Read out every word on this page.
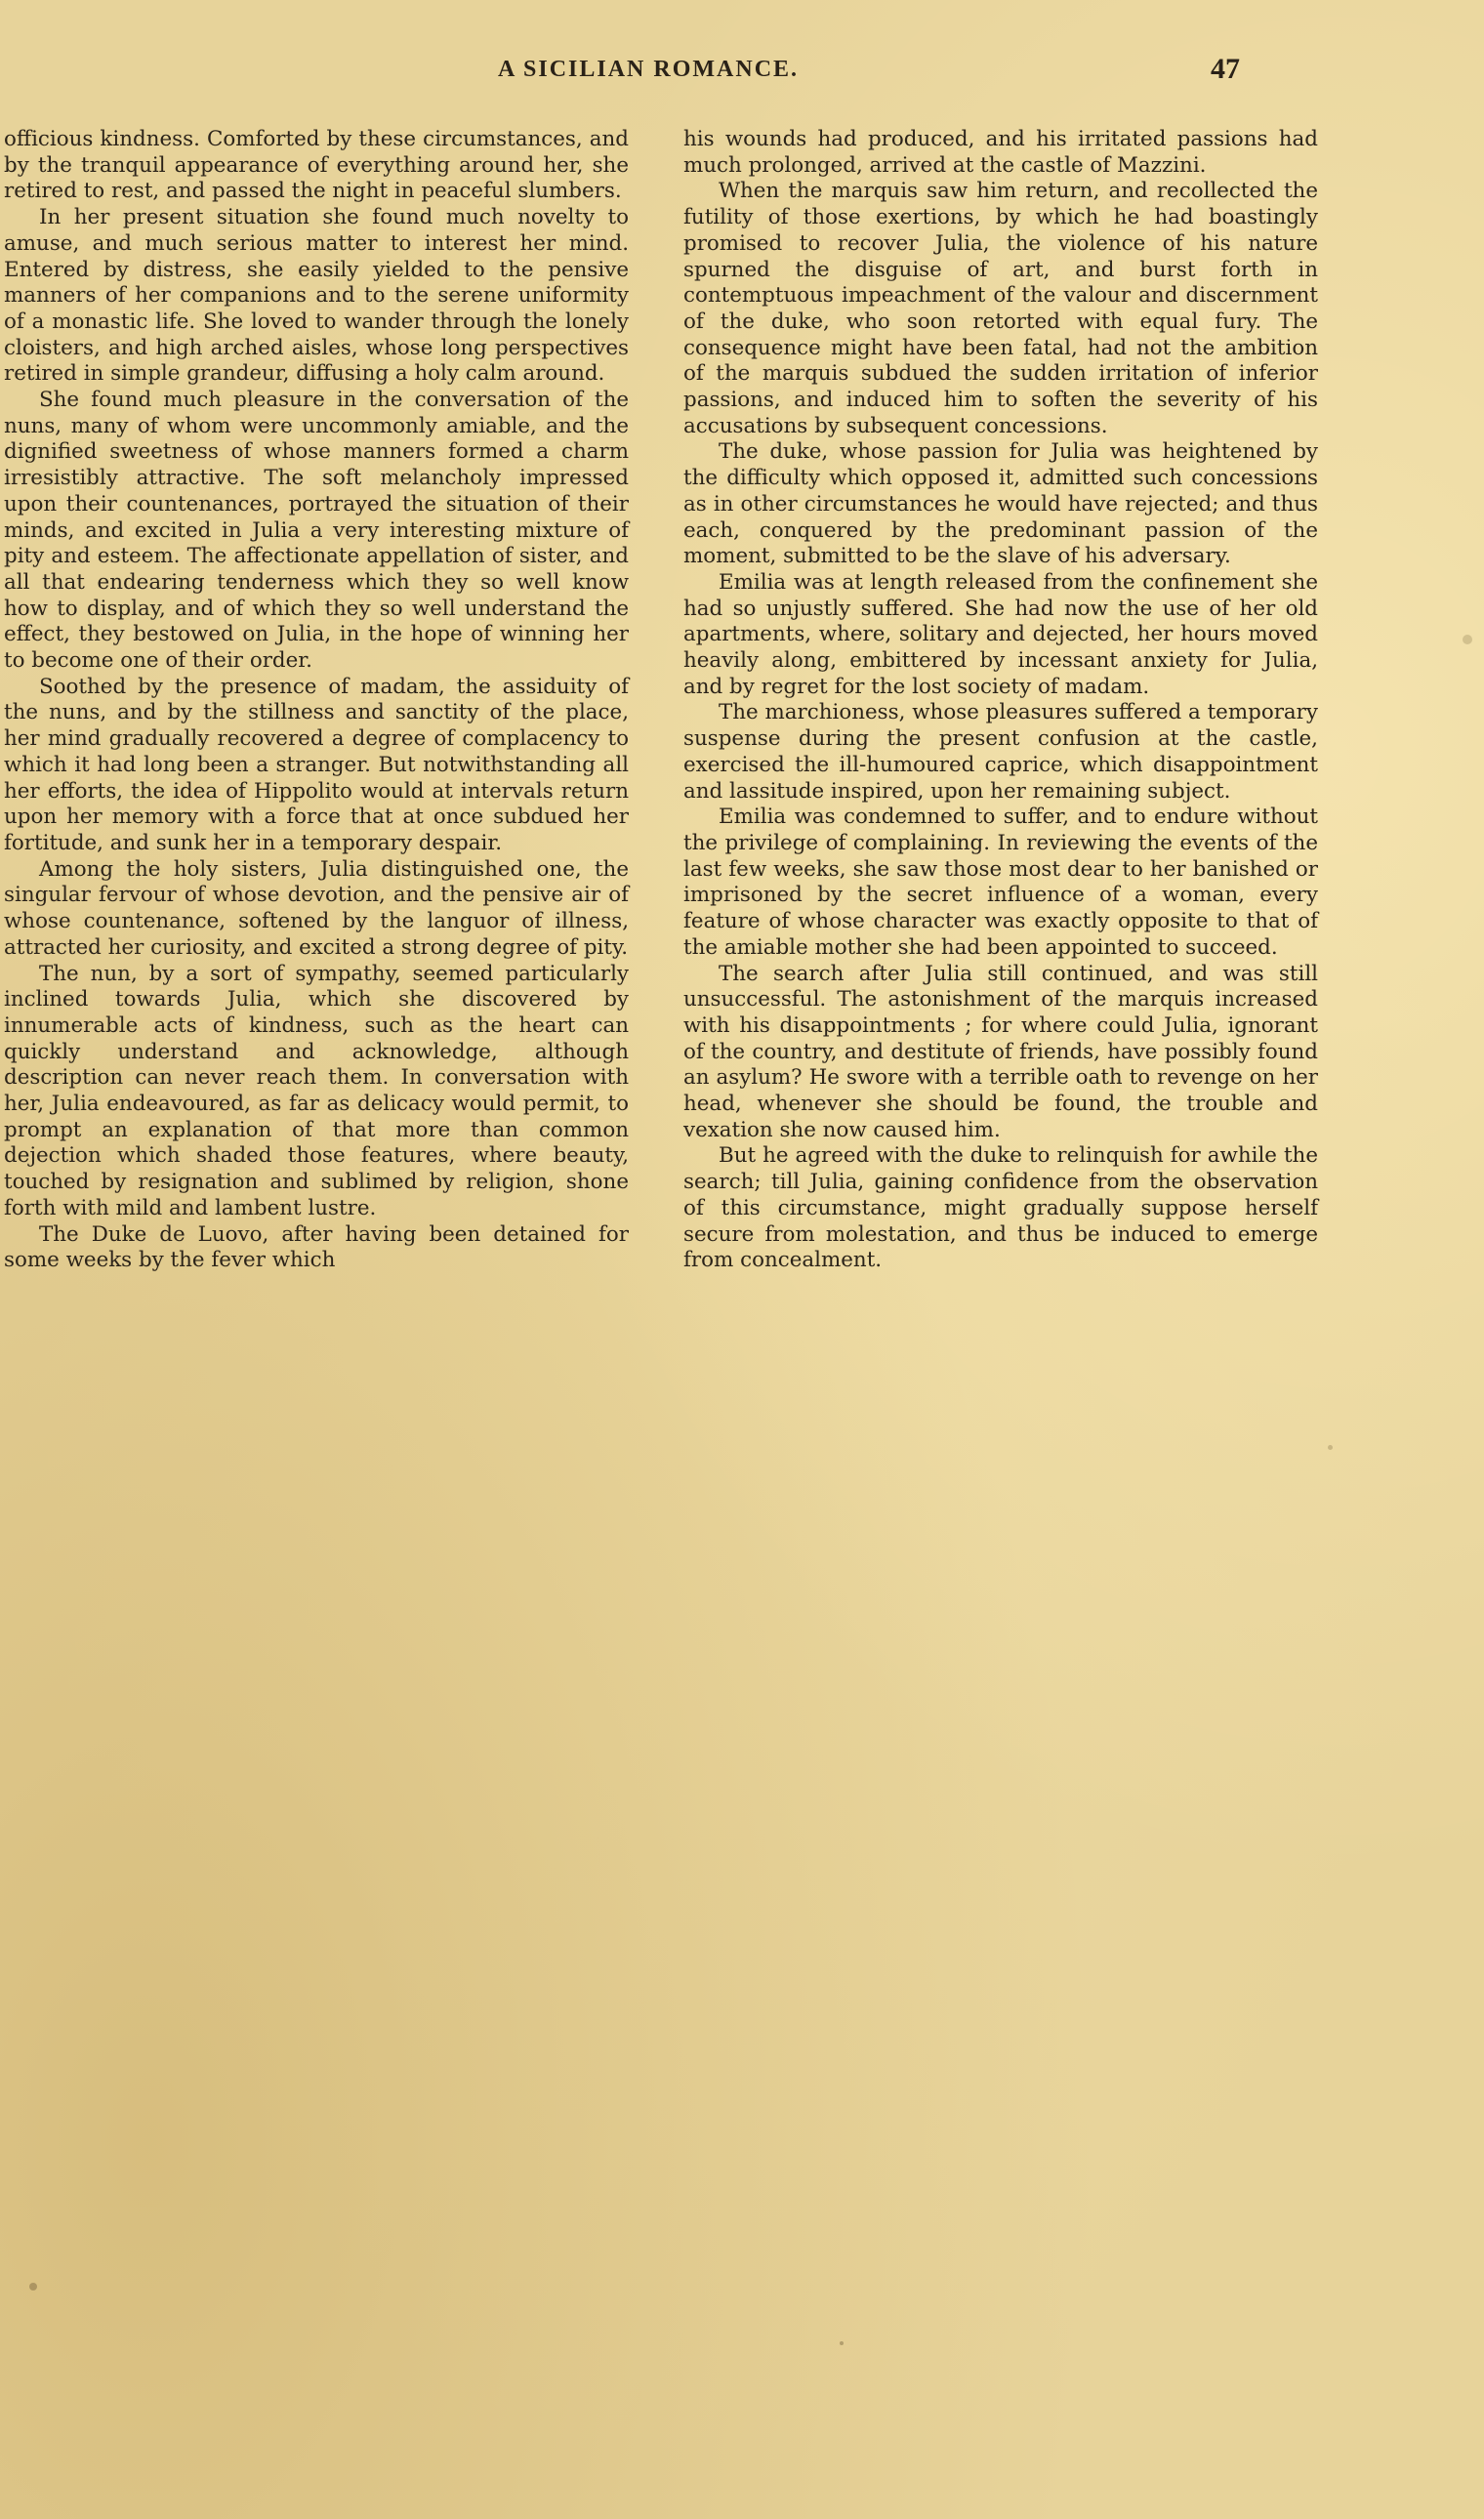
A SICILIAN ROMANCE.	47

officious kindness. Comforted by these circumstances, and by the tranquil appearance of everything around her, she retired to rest, and passed the night in peaceful slumbers.

In her present situation she found much novelty to amuse, and much serious matter to interest her mind. Entered by distress, she easily yielded to the pensive manners of her companions and to the serene uniformity of a monastic life. She loved to wander through the lonely cloisters, and high arched aisles, whose long perspectives retired in simple grandeur, diffusing a holy calm around.

She found much pleasure in the conversation of the nuns, many of whom were uncommonly amiable, and the dignified sweetness of whose manners formed a charm irresistibly attractive. The soft melancholy impressed upon their countenances, portrayed the situation of their minds, and excited in Julia a very interesting mixture of pity and esteem. The affectionate appellation of sister, and all that endearing tenderness which they so well know how to display, and of which they so well understand the effect, they bestowed on Julia, in the hope of winning her to become one of their order.

Soothed by the presence of madam, the assiduity of the nuns, and by the stillness and sanctity of the place, her mind gradually recovered a degree of complacency to which it had long been a stranger. But notwithstanding all her efforts, the idea of Hippolito would at intervals return upon her memory with a force that at once subdued her fortitude, and sunk her in a temporary despair.

Among the holy sisters, Julia distinguished one, the singular fervour of whose devotion, and the pensive air of whose countenance, softened by the languor of illness, attracted her curiosity, and excited a strong degree of pity.

The nun, by a sort of sympathy, seemed particularly inclined towards Julia, which she discovered by innumerable acts of kindness, such as the heart can quickly understand and acknowledge, although description can never reach them. In conversation with her, Julia endeavoured, as far as delicacy would permit, to prompt an explanation of that more than common dejection which shaded those features, where beauty, touched by resignation and sublimed by religion, shone forth with mild and lambent lustre.

The Duke de Luovo, after having been detained for some weeks by the fever which

his wounds had produced, and his irritated passions had much prolonged, arrived at the castle of Mazzini.

When the marquis saw him return, and recollected the futility of those exertions, by which he had boastingly promised to recover Julia, the violence of his nature spurned the disguise of art, and burst forth in contemptuous impeachment of the valour and discernment of the duke, who soon retorted with equal fury. The consequence might have been fatal, had not the ambition of the marquis subdued the sudden irritation of inferior passions, and induced him to soften the severity of his accusations by subsequent concessions.

The duke, whose passion for Julia was heightened by the difficulty which opposed it, admitted such concessions as in other circumstances he would have rejected; and thus each, conquered by the predominant passion of the moment, submitted to be the slave of his adversary.

Emilia was at length released from the confinement she had so unjustly suffered. She had now the use of her old apartments, where, solitary and dejected, her hours moved heavily along, embittered by incessant anxiety for Julia, and by regret for the lost society of madam.

The marchioness, whose pleasures suffered a temporary suspense during the present confusion at the castle, exercised the ill-humoured caprice, which disappointment and lassitude inspired, upon her remaining subject.

Emilia was condemned to suffer, and to endure without the privilege of complaining. In reviewing the events of the last few weeks, she saw those most dear to her banished or imprisoned by the secret influence of a woman, every feature of whose character was exactly opposite to that of the amiable mother she had been appointed to succeed.

The search after Julia still continued, and was still unsuccessful. The astonishment of the marquis increased with his disappointments ; for where could Julia, ignorant of the country, and destitute of friends, have possibly found an asylum? He swore with a terrible oath to revenge on her head, whenever she should be found, the trouble and vexation she now caused him.

But he agreed with the duke to relinquish for awhile the search; till Julia, gaining confidence from the observation of this circumstance, might gradually suppose herself secure from molestation, and thus be induced to emerge from concealment.
